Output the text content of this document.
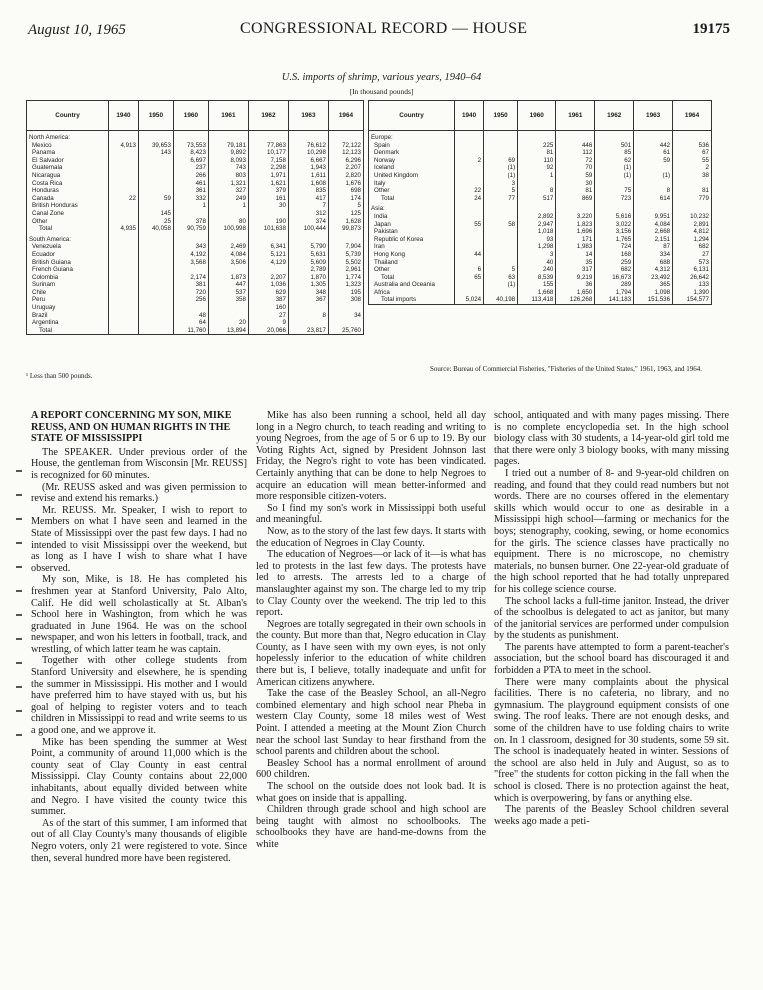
August 10, 1965	CONGRESSIONAL RECORD — HOUSE	19175
U.S. imports of shrimp, various years, 1940–64
[In thousand pounds]
Country	1940	1950	1960	1961	1962	1963	1964
North America:							
Mexico	4,913	39,653	73,553	79,181	77,863	76,612	72,122
Panama		143	8,423	9,892	10,177	10,298	12,123
El Salvador			6,697	8,093	7,158	6,667	6,296
Guatemala			237	743	2,298	1,943	2,207
Nicaragua			266	803	1,971	1,611	2,820
Costa Rica			461	1,321	1,621	1,608	1,676
Honduras			361	327	379	835	698
Canada	22	59	332	249	161	417	174
British Honduras			1	1	30	7	5
Canal Zone		145				312	125
Other		25	378	80	190	374	1,628
Total	4,935	40,058	90,759	100,998	101,638	100,444	99,873
South America:							
Venezuela			343	2,469	6,341	5,790	7,904
Ecuador			4,192	4,084	5,121	5,631	5,739
British Guiana			3,568	3,506	4,129	5,609	5,502
French Guiana						2,789	2,961
Colombia			2,174	1,873	2,207	1,870	1,774
Surinam			381	447	1,036	1,305	1,323
Chile			720	537	629	348	195
Peru			256	358	387	367	308
Uruguay					160		
Brazil			48		27	8	34
Argentina			64	20	9		
Total			11,760	13,894	20,066	23,817	25,760
Country	1940	1950	1960	1961	1962	1963	1964
Europe:							
Spain			225	446	501	442	536
Denmark			81	112	85	61	67
Norway	2	69	110	72	62	59	55
Iceland		(1)	92	70	(1)		2
United Kingdom		(1)	1	59	(1)	(1)	38
Italy		3		30			
Other	22	5	8	81	75	8	81
Total	24	77	517	869	723	614	779
Asia:							
India			2,892	3,220	5,616	9,951	10,232
Japan	55	58	2,947	1,823	3,022	4,084	2,891
Pakistan			1,018	1,696	3,156	2,668	4,812
Republic of Korea			93	171	1,765	2,151	1,294
Iran			1,298	1,983	724	87	682
Hong Kong	44		3	14	168	334	27
Thailand			40	35	259	688	573
Other	6	5	240	317	682	4,312	6,131
Total	65	63	8,539	9,219	16,673	23,492	26,642
Australia and Oceania		(1)	155	36	289	365	133
Africa			1,668	1,650	1,794	1,098	1,390
Total imports	5,024	40,198	113,418	126,268	141,183	151,536	154,577
¹ Less than 500 pounds.
Source: Bureau of Commercial Fisheries, "Fisheries of the United States," 1961, 1963, and 1964.
A REPORT CONCERNING MY SON, MIKE REUSS, AND ON HUMAN RIGHTS IN THE STATE OF MISSISSIPPI

The SPEAKER. Under previous order of the House, the gentleman from Wisconsin [Mr. REUSS] is recognized for 60 minutes.

(Mr. REUSS asked and was given permission to revise and extend his remarks.)

Mr. REUSS. Mr. Speaker, I wish to report to Members on what I have seen and learned in the State of Mississippi over the past few days. I had no intended to visit Mississippi over the weekend, but as long as I have I wish to share what I have observed.

My son, Mike, is 18. He has completed his freshmen year at Stanford University, Palo Alto, Calif. He did well scholastically at St. Alban's School here in Washington, from which he was graduated in June 1964. He was on the school newspaper, and won his letters in football, track, and wrestling, of which latter team he was captain.

Together with other college students from Stanford University and elsewhere, he is spending the summer in Mississippi. His mother and I would have preferred him to have stayed with us, but his goal of helping to register voters and to teach children in Mississippi to read and write seems to us a good one, and we approve it.

Mike has been spending the summer at West Point, a community of around 11,000 which is the county seat of Clay County in east central Mississippi. Clay County contains about 22,000 inhabitants, about equally divided between white and Negro. I have visited the county twice this summer.

As of the start of this summer, I am informed that out of all Clay County's many thousands of eligible Negro voters, only 21 were registered to vote. Since then, several hundred more have been registered.

Mike has also been running a school, held all day long in a Negro church, to teach reading and writing to young Negroes, from the age of 5 or 6 up to 19. By our Voting Rights Act, signed by President Johnson last Friday, the Negro's right to vote has been vindicated. Certainly anything that can be done to help Negroes to acquire an education will mean better-informed and more responsible citizen-voters.

So I find my son's work in Mississippi both useful and meaningful.

Now, as to the story of the last few days. It starts with the education of Negroes in Clay County.

The education of Negroes—or lack of it—is what has led to protests in the last few days. The protests have led to arrests. The arrests led to a charge of manslaughter against my son. The charge led to my trip to Clay County over the weekend. The trip led to this report.

Negroes are totally segregated in their own schools in the county. But more than that, Negro education in Clay County, as I have seen with my own eyes, is not only hopelessly inferior to the education of white children there but is, I believe, totally inadequate and unfit for American citizens anywhere.

Take the case of the Beasley School, an all-Negro combined elementary and high school near Pheba in western Clay County, some 18 miles west of West Point. I attended a meeting at the Mount Zion Church near the school last Sunday to hear firsthand from the school parents and children about the school.

Beasley School has a normal enrollment of around 600 children.

The school on the outside does not look bad. It is what goes on inside that is appalling.

Children through grade school and high school are being taught with almost no schoolbooks. The schoolbooks they have are hand-me-downs from the white

school, antiquated and with many pages missing. There is no complete encyclopedia set. In the high school biology class with 30 students, a 14-year-old girl told me that there were only 3 biology books, with many missing pages.

I tried out a number of 8- and 9-year-old children on reading, and found that they could read numbers but not words. There are no courses offered in the elementary skills which would occur to one as desirable in a Mississippi high school—farming or mechanics for the boys; stenography, cooking, sewing, or home economics for the girls. The science classes have practically no equipment. There is no microscope, no chemistry materials, no bunsen burner. One 22-year-old graduate of the high school reported that he had totally unprepared for his college science course.

The school lacks a full-time janitor. Instead, the driver of the schoolbus is delegated to act as janitor, but many of the janitorial services are performed under compulsion by the students as punishment.

The parents have attempted to form a parent-teacher's association, but the school board has discouraged it and forbidden a PTA to meet in the school.

There were many complaints about the physical facilities. There is no cafeteria, no library, and no gymnasium. The playground equipment consists of one swing. The roof leaks. There are not enough desks, and some of the children have to use folding chairs to write on. In 1 classroom, designed for 30 students, some 59 sit. The school is inadequately heated in winter. Sessions of the school are also held in July and August, so as to "free" the students for cotton picking in the fall when the school is closed. There is no protection against the heat, which is overpowering, by fans or anything else.

The parents of the Beasley School children several weeks ago made a peti-
